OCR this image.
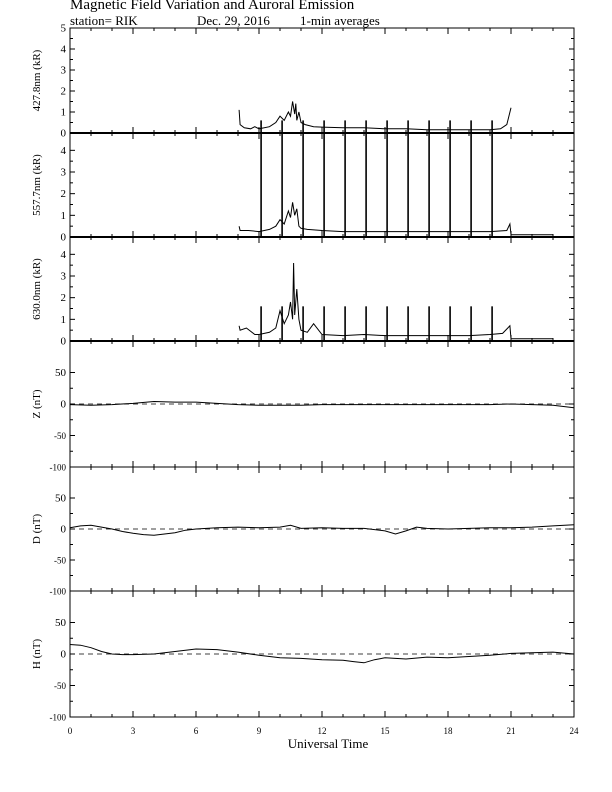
Magnetic Field Variation and Auroral Emission
station= RIK	Dec. 29, 2016 1-min averages
0
1
2
3
4
5
427.8nm (kR)
0
1
2
3
4
557.7nm (kR)
0
1
2
3
4
630.0nm (kR)
-100
-50
0
50
Z (nT)
-100
-50
0
50
D (nT)
-100
-50
0
50
H (nT)
0	3	6	9	12	15	18	21	24
Universal Time
